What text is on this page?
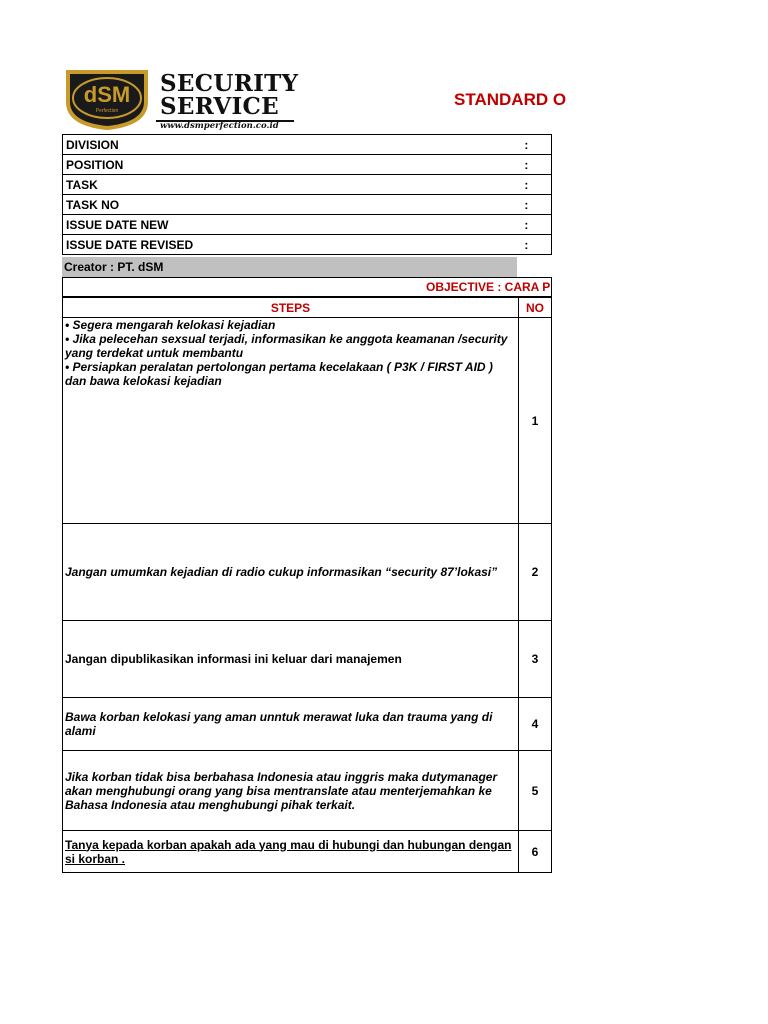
dSM
Perfection
SECURITY
SERVICE
www.dsmperfection.co.id
STANDARD O
DIVISION	:
POSITION	:
TASK	:
TASK NO	:
ISSUE DATE NEW	:
ISSUE DATE REVISED	:
Creator : PT. dSM
OBJECTIVE : CARA P
STEPS	NO

• Segera mengarah kelokasi kejadian
• Jika pelecehan sexsual terjadi, informasikan ke anggota keamanan /security yang terdekat untuk membantu
• Persiapkan peralatan pertolongan pertama kecelakaan ( P3K / FIRST AID ) dan bawa kelokasi kejadian	1
Jangan umumkan kejadian di radio cukup informasikan “security 87’lokasi”	2
Jangan dipublikasikan informasi ini keluar dari manajemen	3
Bawa korban kelokasi yang aman unntuk merawat luka dan trauma yang di alami	4
Jika korban tidak bisa berbahasa Indonesia atau inggris maka dutymanager akan menghubungi orang yang bisa mentranslate atau menterjemahkan ke Bahasa Indonesia atau menghubungi pihak terkait.	5
Tanya kepada korban apakah ada yang mau di hubungi dan hubungan dengan si korban .	6
